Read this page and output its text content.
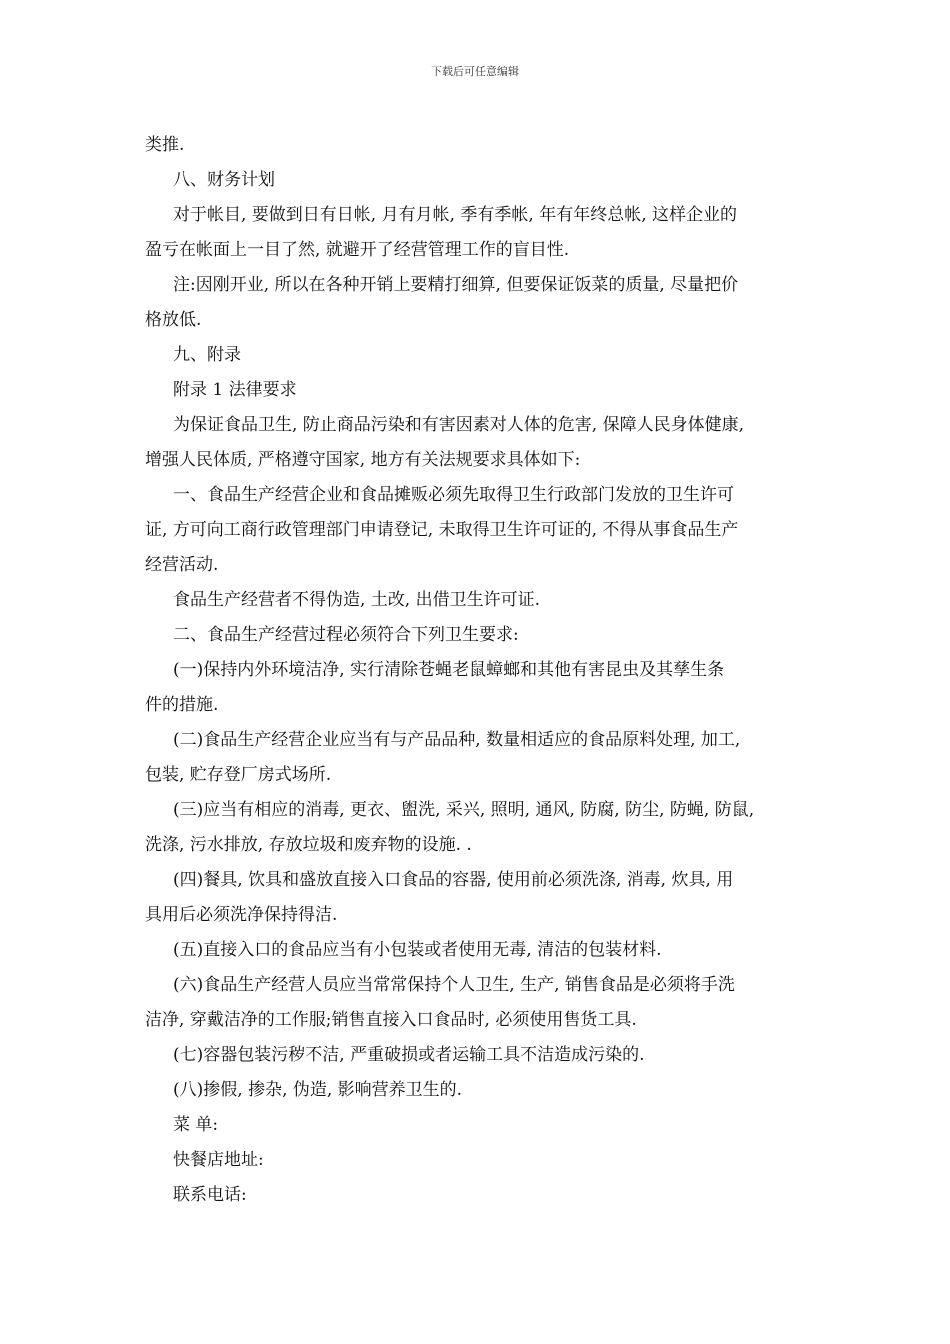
下载后可任意编辑

类推.

八、财务计划

对于帐目, 要做到日有日帐, 月有月帐, 季有季帐, 年有年终总帐, 这样企业的

盈亏在帐面上一目了然, 就避开了经营管理工作的盲目性.

注:因刚开业, 所以在各种开销上要精打细算, 但要保证饭菜的质量, 尽量把价

格放低.

九、附录

附录 1 法律要求

为保证食品卫生, 防止商品污染和有害因素对人体的危害, 保障人民身体健康,

增强人民体质, 严格遵守国家, 地方有关法规要求具体如下:

一、食品生产经营企业和食品摊贩必须先取得卫生行政部门发放的卫生许可

证, 方可向工商行政管理部门申请登记, 未取得卫生许可证的, 不得从事食品生产

经营活动.

食品生产经营者不得伪造, 土改, 出借卫生许可证.

二、食品生产经营过程必须符合下列卫生要求:

(一)保持内外环境洁净, 实行清除苍蝇老鼠蟑螂和其他有害昆虫及其孳生条

件的措施.

(二)食品生产经营企业应当有与产品品种, 数量相适应的食品原料处理, 加工,

包装, 贮存登厂房式场所.

(三)应当有相应的消毒, 更衣、盥洗, 采兴, 照明, 通风, 防腐, 防尘, 防蝇, 防鼠,

洗涤, 污水排放, 存放垃圾和废弃物的设施. .

(四)餐具, 饮具和盛放直接入口食品的容器, 使用前必须洗涤, 消毒, 炊具, 用

具用后必须洗净保持得洁.

(五)直接入口的食品应当有小包装或者使用无毒, 清洁的包装材料.

(六)食品生产经营人员应当常常保持个人卫生, 生产, 销售食品是必须将手洗

洁净, 穿戴洁净的工作服;销售直接入口食品时, 必须使用售货工具.

(七)容器包装污秽不洁, 严重破损或者运输工具不洁造成污染的.

(八)掺假, 掺杂, 伪造, 影响营养卫生的.

菜 单:

快餐店地址:

联系电话:
